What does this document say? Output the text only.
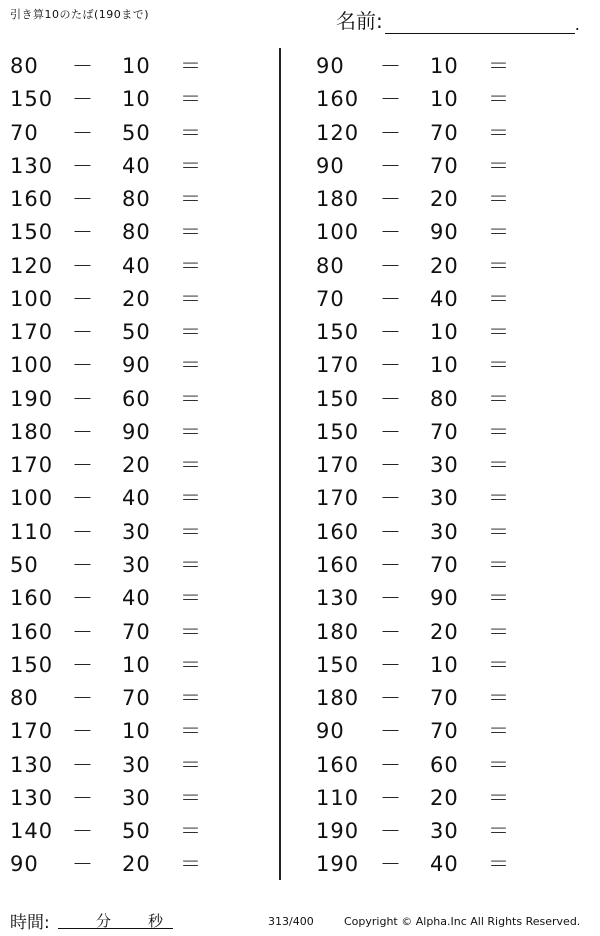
引き算10のたば(190まで)	名前:	.
80 － 10 ＝
150 － 10 ＝
70 － 50 ＝
130 － 40 ＝
160 － 80 ＝
150 － 80 ＝
120 － 40 ＝
100 － 20 ＝
170 － 50 ＝
100 － 90 ＝
190 － 60 ＝
180 － 90 ＝
170 － 20 ＝
100 － 40 ＝
110 － 30 ＝
50 － 30 ＝
160 － 40 ＝
160 － 70 ＝
150 － 10 ＝
80 － 70 ＝
170 － 10 ＝
130 － 30 ＝
130 － 30 ＝
140 － 50 ＝
90 － 20 ＝
90 － 10 ＝
160 － 10 ＝
120 － 70 ＝
90 － 70 ＝
180 － 20 ＝
100 － 90 ＝
80 － 20 ＝
70 － 40 ＝
150 － 10 ＝
170 － 10 ＝
150 － 80 ＝
150 － 70 ＝
170 － 30 ＝
170 － 30 ＝
160 － 30 ＝
160 － 70 ＝
130 － 90 ＝
180 － 20 ＝
150 － 10 ＝
180 － 70 ＝
90 － 70 ＝
160 － 60 ＝
110 － 20 ＝
190 － 30 ＝
190 － 40 ＝
時間:	分 秒	313/400	Copyright © Alpha.Inc All Rights Reserved.
